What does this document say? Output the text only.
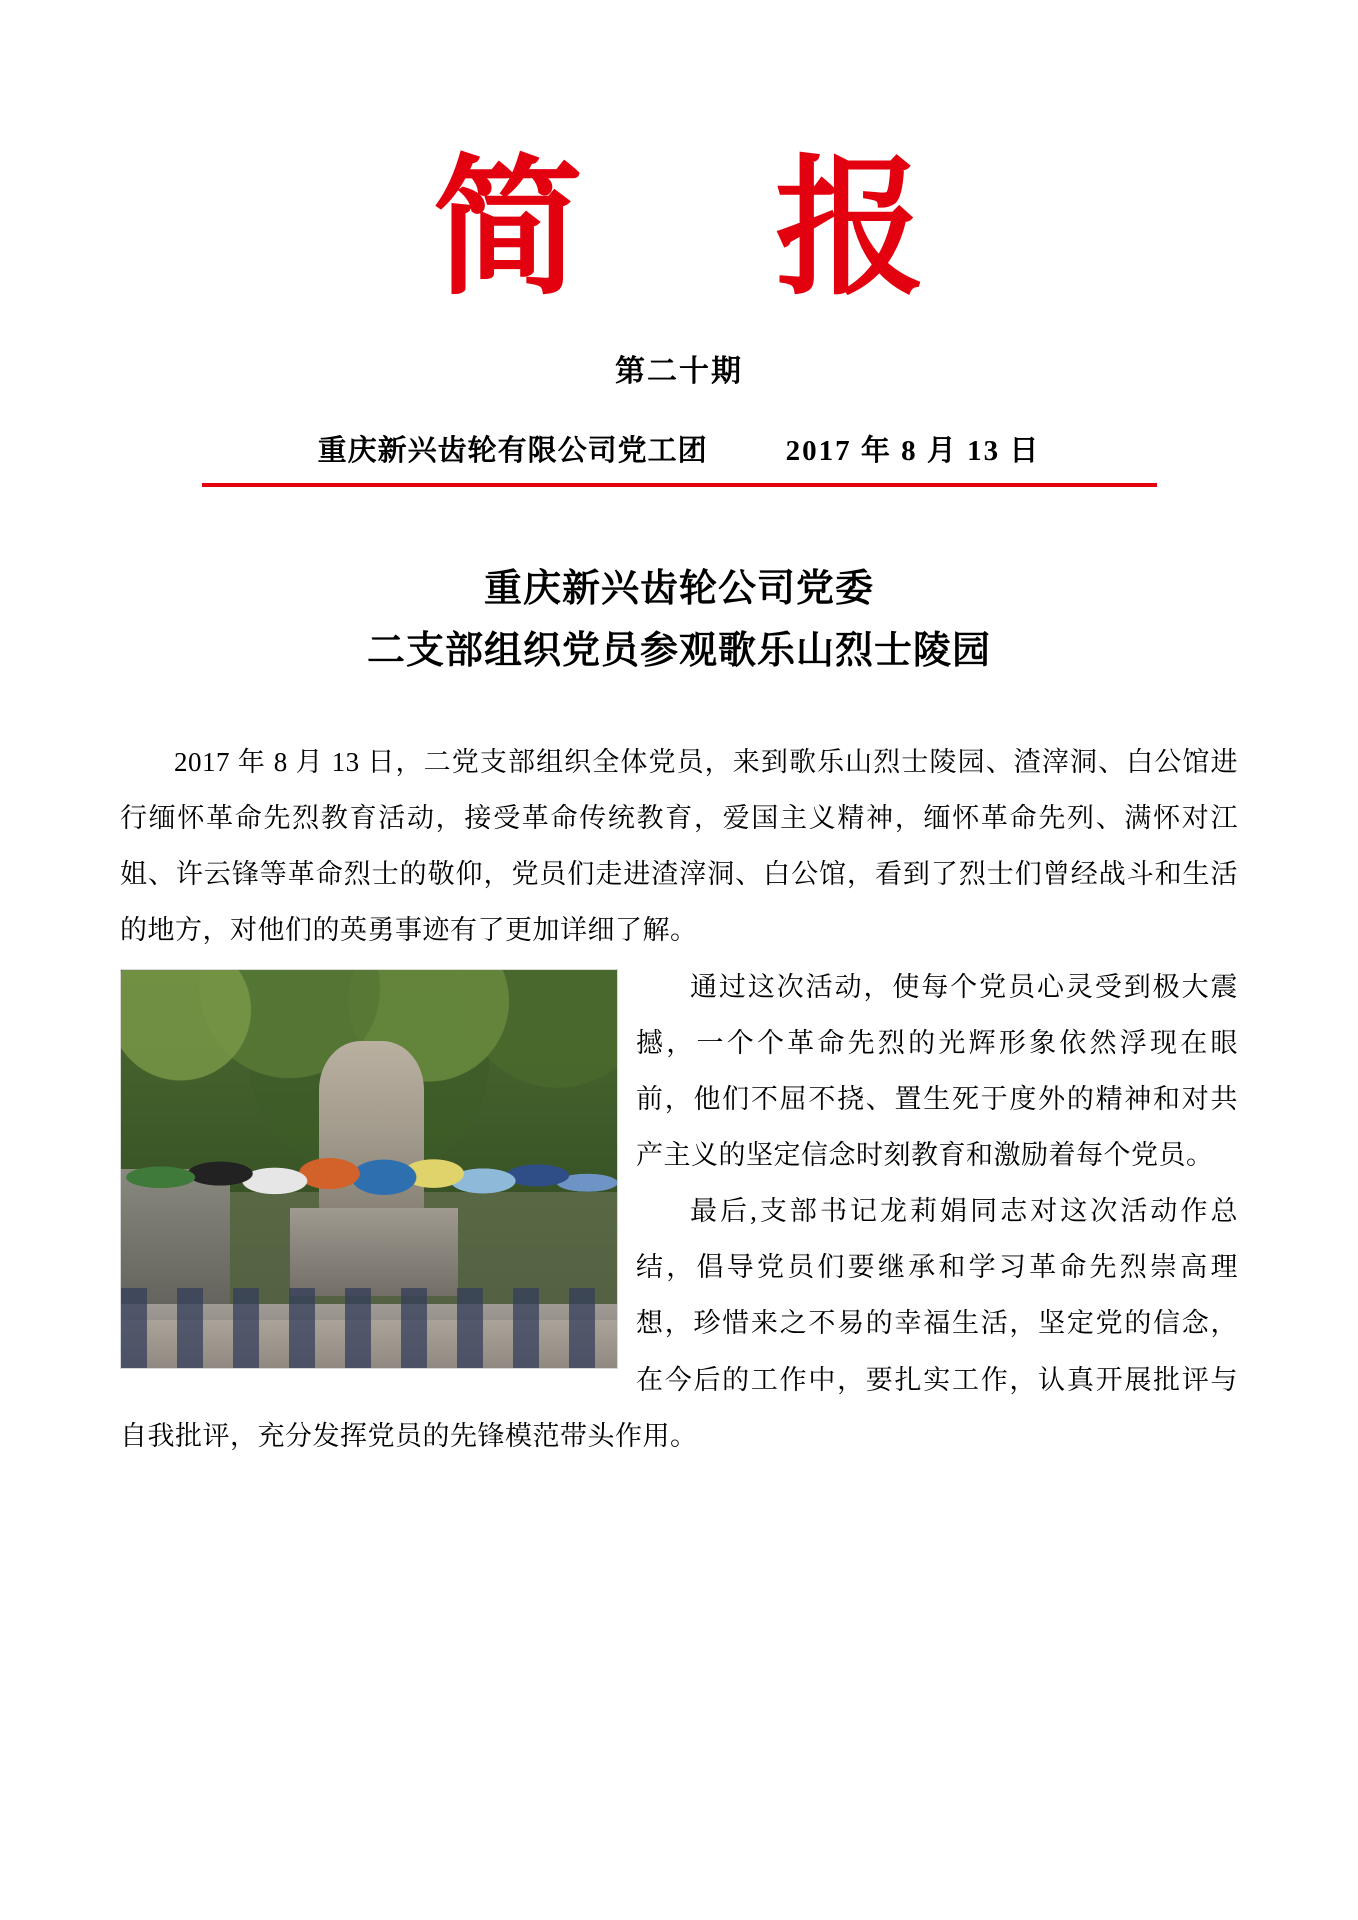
简 报
第二十期
重庆新兴齿轮有限公司党工团	2017 年 8 月 13 日
重庆新兴齿轮公司党委
二支部组织党员参观歌乐山烈士陵园

2017 年 8 月 13 日，二党支部组织全体党员，来到歌乐山烈士陵园、渣滓洞、白公馆进行缅怀革命先烈教育活动，接受革命传统教育，爱国主义精神，缅怀革命先列、满怀对江姐、许云锋等革命烈士的敬仰，党员们走进渣滓洞、白公馆，看到了烈士们曾经战斗和生活的地方，对他们的英勇事迹有了更加详细了解。

通过这次活动，使每个党员心灵受到极大震撼，一个个革命先烈的光辉形象依然浮现在眼前，他们不屈不挠、置生死于度外的精神和对共产主义的坚定信念时刻教育和激励着每个党员。

最后,支部书记龙莉娟同志对这次活动作总结，倡导党员们要继承和学习革命先烈崇高理想，珍惜来之不易的幸福生活，坚定党的信念，在今后的工作中，要扎实工作，认真开展批评与自我批评，充分发挥党员的先锋模范带头作用。
